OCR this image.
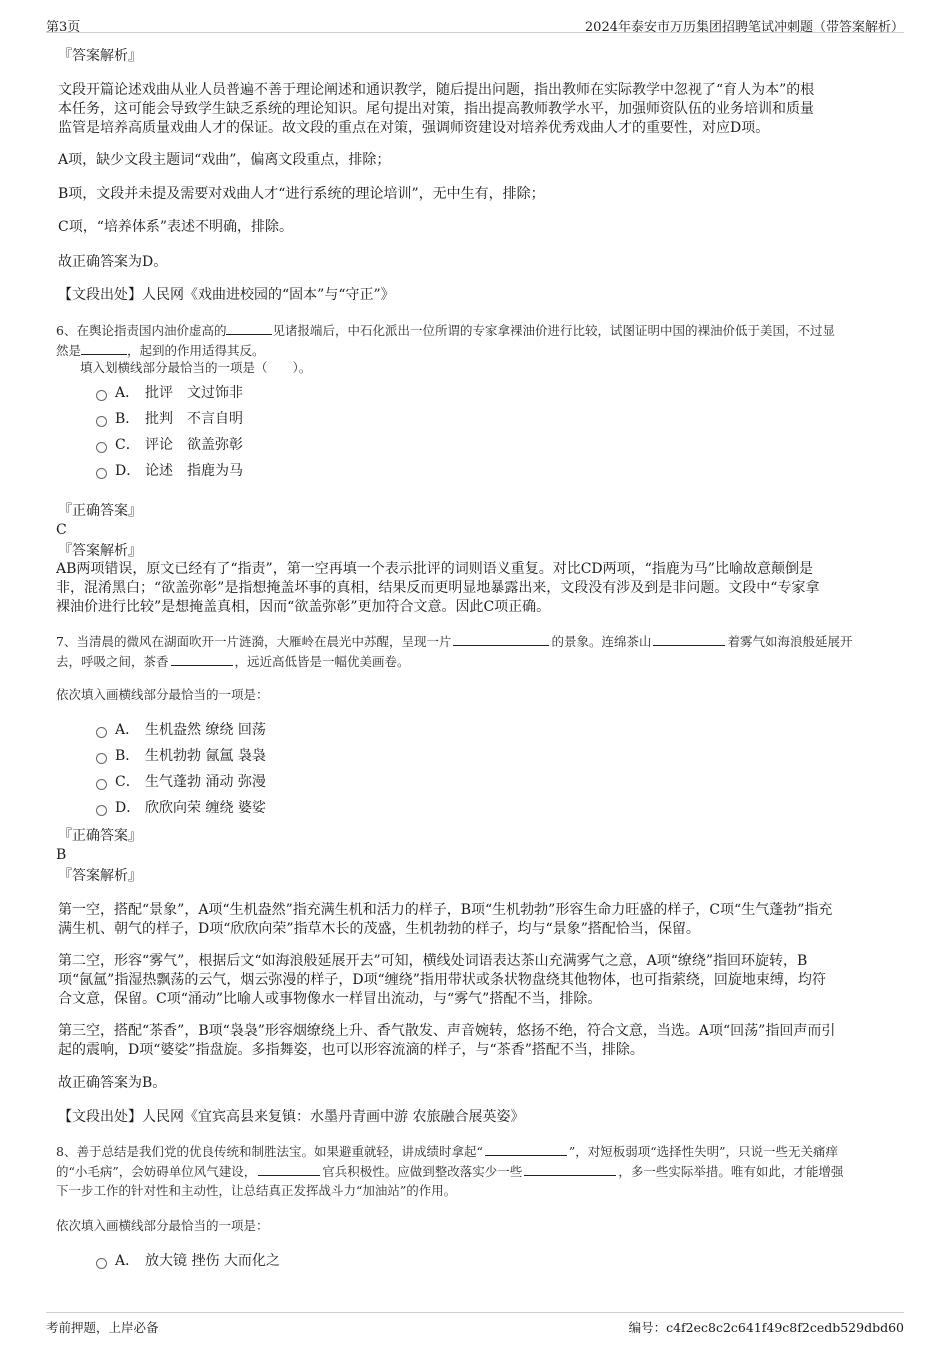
第3页	2024年泰安市万历集团招聘笔试冲刺题（带答案解析）
『答案解析』
文段开篇论述戏曲从业人员普遍不善于理论阐述和通识教学，随后提出问题，指出教师在实际教学中忽视了“育人为本”的根
本任务，这可能会导致学生缺乏系统的理论知识。尾句提出对策，指出提高教师教学水平，加强师资队伍的业务培训和质量
监管是培养高质量戏曲人才的保证。故文段的重点在对策，强调师资建设对培养优秀戏曲人才的重要性，对应D项。
A项，缺少文段主题词“戏曲”，偏离文段重点，排除；
B项，文段并未提及需要对戏曲人才“进行系统的理论培训”，无中生有，排除；
C项，“培养体系”表述不明确，排除。
故正确答案为D。
【文段出处】人民网《戏曲进校园的“固本”与“守正”》
6、在舆论指责国内油价虚高的	见诸报端后，中石化派出一位所谓的专家拿裸油价进行比较，试图证明中国的裸油价低于美国，不过显
然是	，起到的作用适得其反。
填入划横线部分最恰当的一项是（　　）。
A． 批评　文过饰非
B． 批判　不言自明
C． 评论　欲盖弥彰
D． 论述　指鹿为马
『正确答案』
C
『答案解析』
AB两项错误，原文已经有了“指责”，第一空再填一个表示批评的词则语义重复。对比CD两项，“指鹿为马”比喻故意颠倒是
非，混淆黑白；“欲盖弥彰”是指想掩盖坏事的真相，结果反而更明显地暴露出来，文段没有涉及到是非问题。文段中“专家拿
裸油价进行比较”是想掩盖真相，因而“欲盖弥彰”更加符合文意。因此C项正确。
7、当清晨的微风在湖面吹开一片涟漪，大雁岭在晨光中苏醒，呈现一片	的景象。连绵茶山	着雾气如海浪般延展开
去，呼吸之间，茶香	，远近高低皆是一幅优美画卷。
依次填入画横线部分最恰当的一项是：
A． 生机盎然 缭绕 回荡
B． 生机勃勃 氤氲 袅袅
C． 生气蓬勃 涌动 弥漫
D． 欣欣向荣 缠绕 婆娑
『正确答案』
B
『答案解析』
第一空，搭配“景象”，A项“生机盎然”指充满生机和活力的样子，B项“生机勃勃”形容生命力旺盛的样子，C项“生气蓬勃”指充
满生机、朝气的样子，D项“欣欣向荣”指草木长的茂盛，生机勃勃的样子，均与“景象”搭配恰当，保留。
第二空，形容“雾气”，根据后文“如海浪般延展开去”可知，横线处词语表达茶山充满雾气之意，A项“缭绕”指回环旋转，B
项“氤氲”指湿热飘荡的云气，烟云弥漫的样子，D项“缠绕”指用带状或条状物盘绕其他物体，也可指萦绕，回旋地束缚，均符
合文意，保留。C项“涌动”比喻人或事物像水一样冒出流动，与“雾气”搭配不当，排除。
第三空，搭配“茶香”，B项“袅袅”形容烟缭绕上升、香气散发、声音婉转，悠扬不绝，符合文意，当选。A项“回荡”指回声而引
起的震响，D项“婆娑”指盘旋。多指舞姿，也可以形容流滴的样子，与“茶香”搭配不当，排除。
故正确答案为B。
【文段出处】人民网《宜宾高县来复镇：水墨丹青画中游 农旅融合展英姿》
8、善于总结是我们党的优良传统和制胜法宝。如果避重就轻，讲成绩时拿起“	”，对短板弱项“选择性失明”，只说一些无关痛痒
的“小毛病”，会妨碍单位风气建设，	官兵积极性。应做到整改落实少一些	，多一些实际举措。唯有如此，才能增强
下一步工作的针对性和主动性，让总结真正发挥战斗力“加油站”的作用。
依次填入画横线部分最恰当的一项是：
A． 放大镜 挫伤 大而化之
考前押题，上岸必备	编号：c4f2ec8c2c641f49c8f2cedb529dbd60
